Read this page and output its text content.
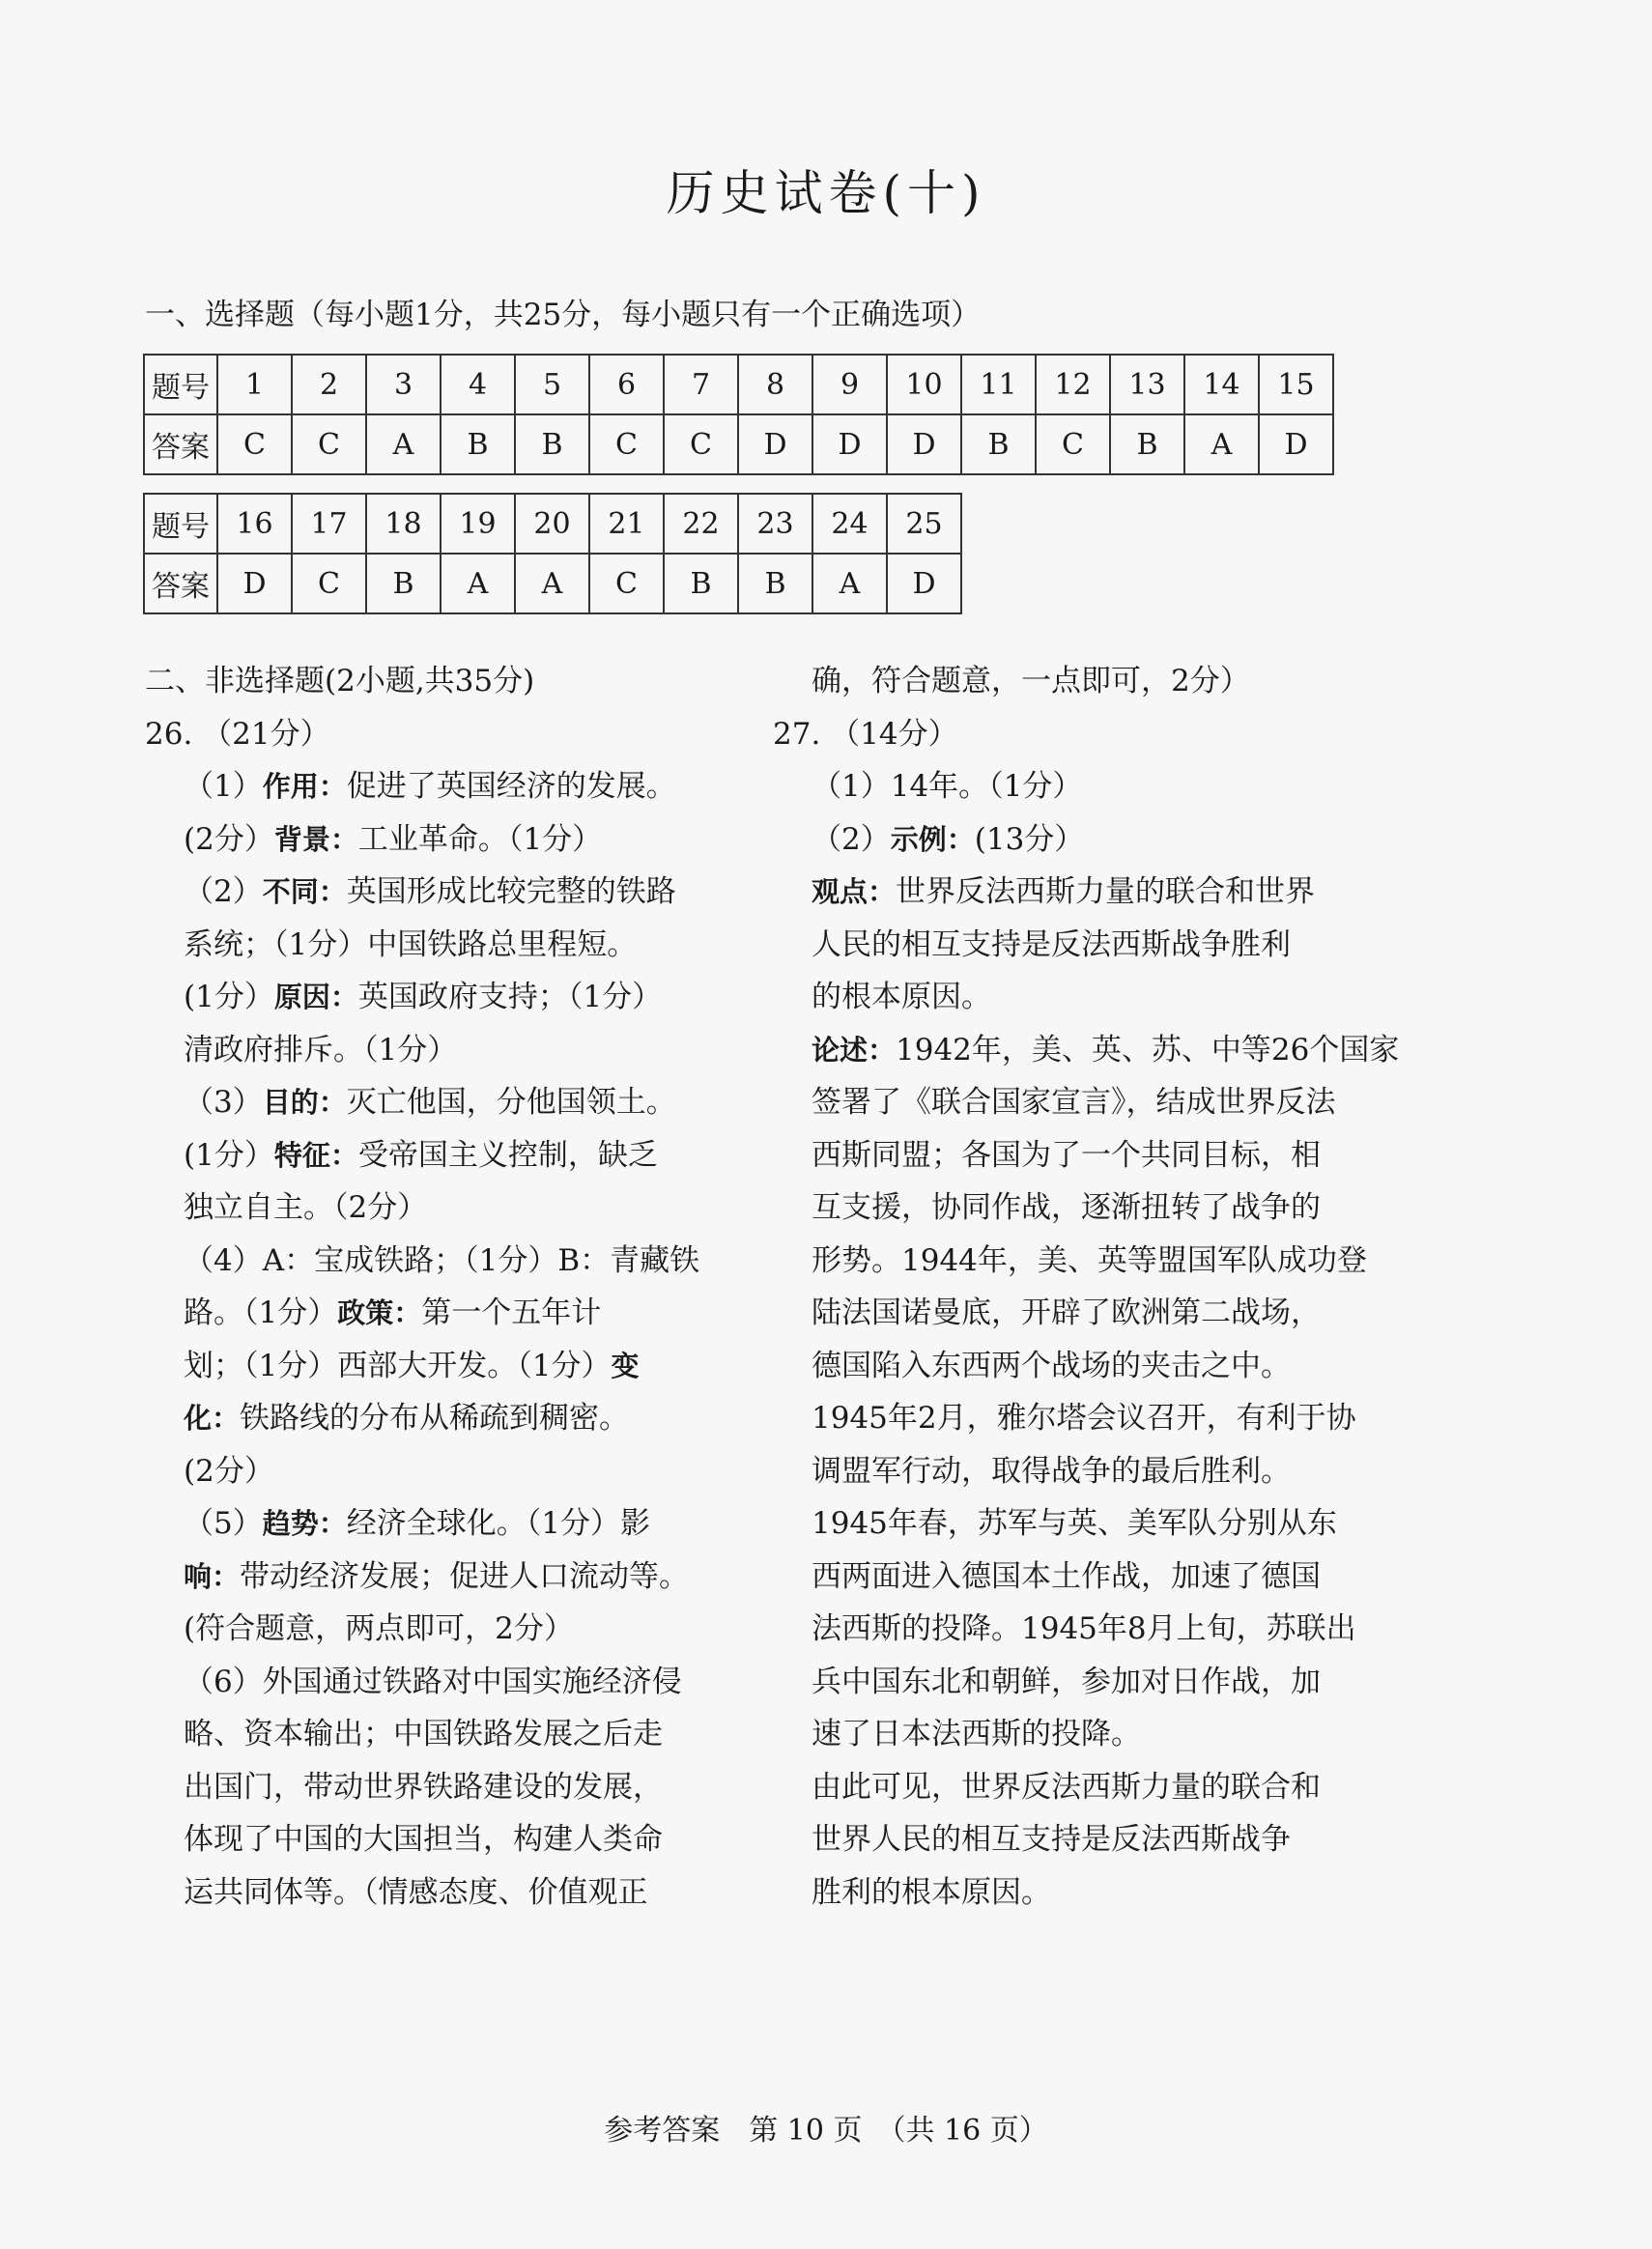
历史试卷(十)
一、选择题（每小题1分，共25分，每小题只有一个正确选项）
题号	1	2	3	4	5	6	7	8	9	10	11	12	13	14	15
答案	C	C	A	B	B	C	C	D	D	D	B	C	B	A	D
题号	16	17	18	19	20	21	22	23	24	25
答案	D	C	B	A	A	C	B	B	A	D
二、非选择题(2小题,共35分)
26. （21分）
（1）作用：促进了英国经济的发展。
(2分）背景：工业革命。（1分）
（2）不同：英国形成比较完整的铁路
系统；（1分）中国铁路总里程短。
(1分）原因：英国政府支持；（1分）
清政府排斥。（1分）
（3）目的：灭亡他国，分他国领土。
(1分）特征：受帝国主义控制，缺乏
独立自主。（2分）
（4）A：宝成铁路；（1分）B：青藏铁
路。（1分）政策：第一个五年计
划；（1分）西部大开发。（1分）变
化：铁路线的分布从稀疏到稠密。
(2分）
（5）趋势：经济全球化。（1分）影
响：带动经济发展；促进人口流动等。
(符合题意，两点即可，2分）
（6）外国通过铁路对中国实施经济侵
略、资本输出；中国铁路发展之后走
出国门，带动世界铁路建设的发展，
体现了中国的大国担当，构建人类命
运共同体等。（情感态度、价值观正
确，符合题意，一点即可，2分）
27. （14分）
（1）14年。（1分）
（2）示例：(13分）
观点：世界反法西斯力量的联合和世界
人民的相互支持是反法西斯战争胜利
的根本原因。
论述：1942年，美、英、苏、中等26个国家
签署了《联合国家宣言》，结成世界反法
西斯同盟；各国为了一个共同目标，相
互支援，协同作战，逐渐扭转了战争的
形势。1944年，美、英等盟国军队成功登
陆法国诺曼底，开辟了欧洲第二战场，
德国陷入东西两个战场的夹击之中。
1945年2月，雅尔塔会议召开，有利于协
调盟军行动，取得战争的最后胜利。
1945年春，苏军与英、美军队分别从东
西两面进入德国本土作战，加速了德国
法西斯的投降。1945年8月上旬，苏联出
兵中国东北和朝鲜，参加对日作战，加
速了日本法西斯的投降。
由此可见，世界反法西斯力量的联合和
世界人民的相互支持是反法西斯战争
胜利的根本原因。
参考答案　第 10 页　（共 16 页）
